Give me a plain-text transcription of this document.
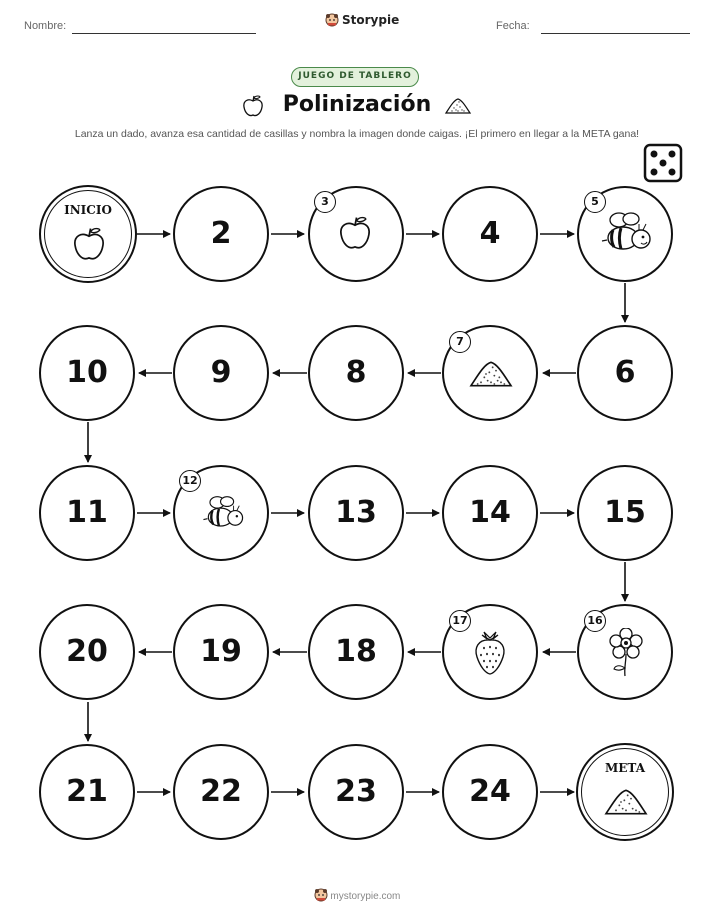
Nombre:	Storypie	Fecha:
JUEGO DE TABLERO
Polinización
Lanza un dado, avanza esa cantidad de casillas y nombra la imagen donde caigas. ¡El primero en llegar a la META gana!
INICIO
2
3
4
5
10	9	8
7
6
11
12
13	14	15
20	19	18
17	16
21	22	23	24
META
mystorypie.com
